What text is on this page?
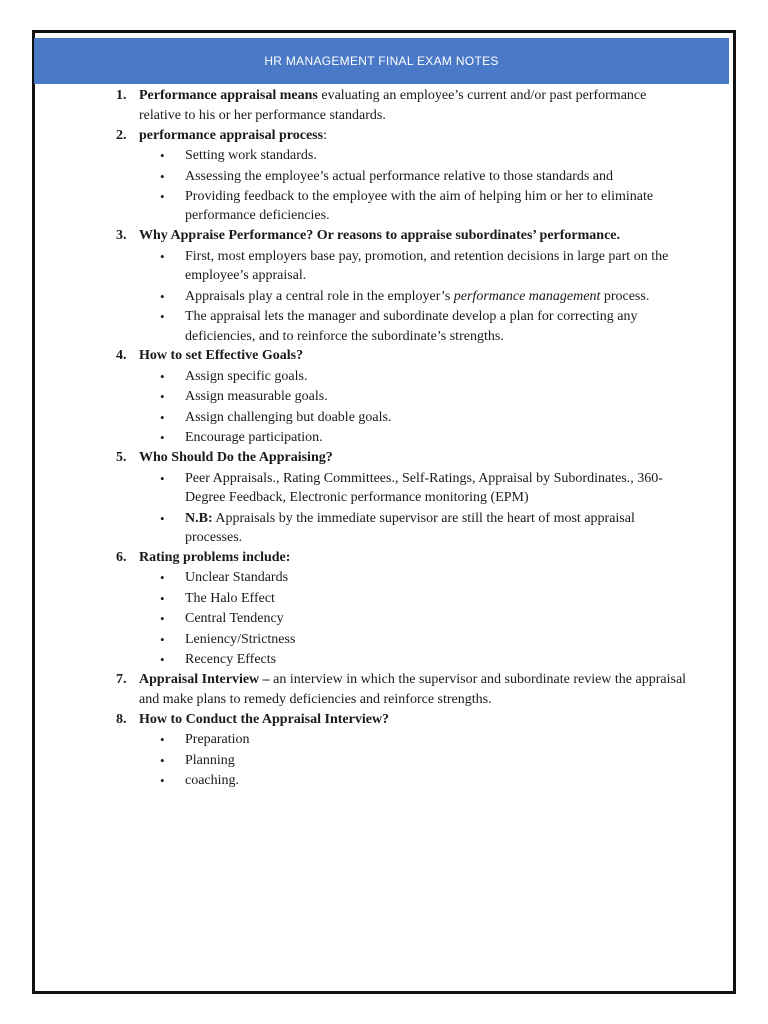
HR MANAGEMENT FINAL EXAM NOTES
1. Performance appraisal means evaluating an employee’s current and/or past performance relative to his or her performance standards.
2. performance appraisal process:
• Setting work standards.
• Assessing the employee’s actual performance relative to those standards and
• Providing feedback to the employee with the aim of helping him or her to eliminate performance deficiencies.
3. Why Appraise Performance? Or reasons to appraise subordinates’ performance.
• First, most employers base pay, promotion, and retention decisions in large part on the employee’s appraisal.
• Appraisals play a central role in the employer’s performance management process.
• The appraisal lets the manager and subordinate develop a plan for correcting any deficiencies, and to reinforce the subordinate’s strengths.
4. How to set Effective Goals?
• Assign specific goals.
• Assign measurable goals.
• Assign challenging but doable goals.
• Encourage participation.
5. Who Should Do the Appraising?
• Peer Appraisals., Rating Committees., Self-Ratings, Appraisal by Subordinates., 360-Degree Feedback, Electronic performance monitoring (EPM)
• N.B: Appraisals by the immediate supervisor are still the heart of most appraisal processes.
6. Rating problems include:
• Unclear Standards
• The Halo Effect
• Central Tendency
• Leniency/Strictness
• Recency Effects
7. Appraisal Interview – an interview in which the supervisor and subordinate review the appraisal and make plans to remedy deficiencies and reinforce strengths.
8. How to Conduct the Appraisal Interview?
• Preparation
• Planning
• coaching.
